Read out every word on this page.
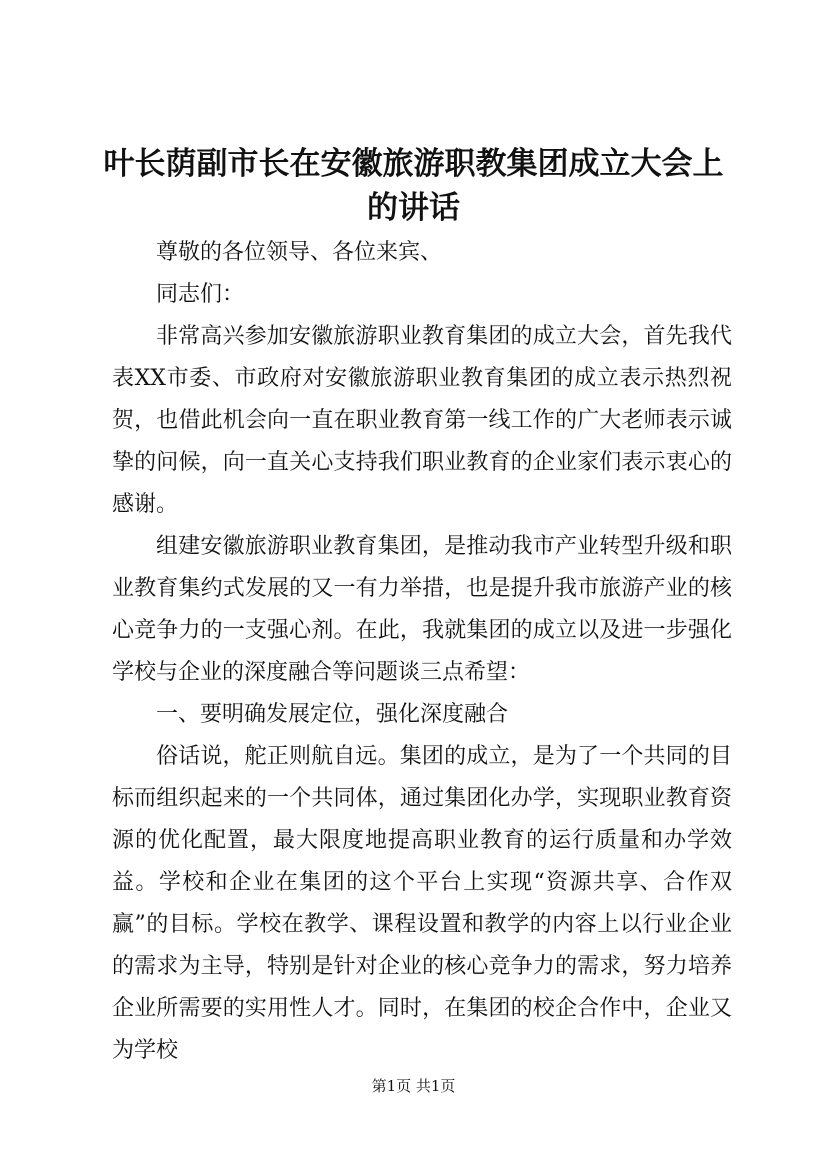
叶长荫副市长在安徽旅游职教集团成立大会上的讲话

尊敬的各位领导、各位来宾、

同志们：

非常高兴参加安徽旅游职业教育集团的成立大会，首先我代表XX市委、市政府对安徽旅游职业教育集团的成立表示热烈祝贺，也借此机会向一直在职业教育第一线工作的广大老师表示诚挚的问候，向一直关心支持我们职业教育的企业家们表示衷心的感谢。

组建安徽旅游职业教育集团，是推动我市产业转型升级和职业教育集约式发展的又一有力举措，也是提升我市旅游产业的核心竞争力的一支强心剂。在此，我就集团的成立以及进一步强化学校与企业的深度融合等问题谈三点希望：

一、要明确发展定位，强化深度融合

俗话说，舵正则航自远。集团的成立，是为了一个共同的目标而组织起来的一个共同体，通过集团化办学，实现职业教育资源的优化配置，最大限度地提高职业教育的运行质量和办学效益。学校和企业在集团的这个平台上实现“资源共享、合作双赢”的目标。学校在教学、课程设置和教学的内容上以行业企业的需求为主导，特别是针对企业的核心竞争力的需求，努力培养企业所需要的实用性人才。同时，在集团的校企合作中，企业又为学校

第1页 共1页
